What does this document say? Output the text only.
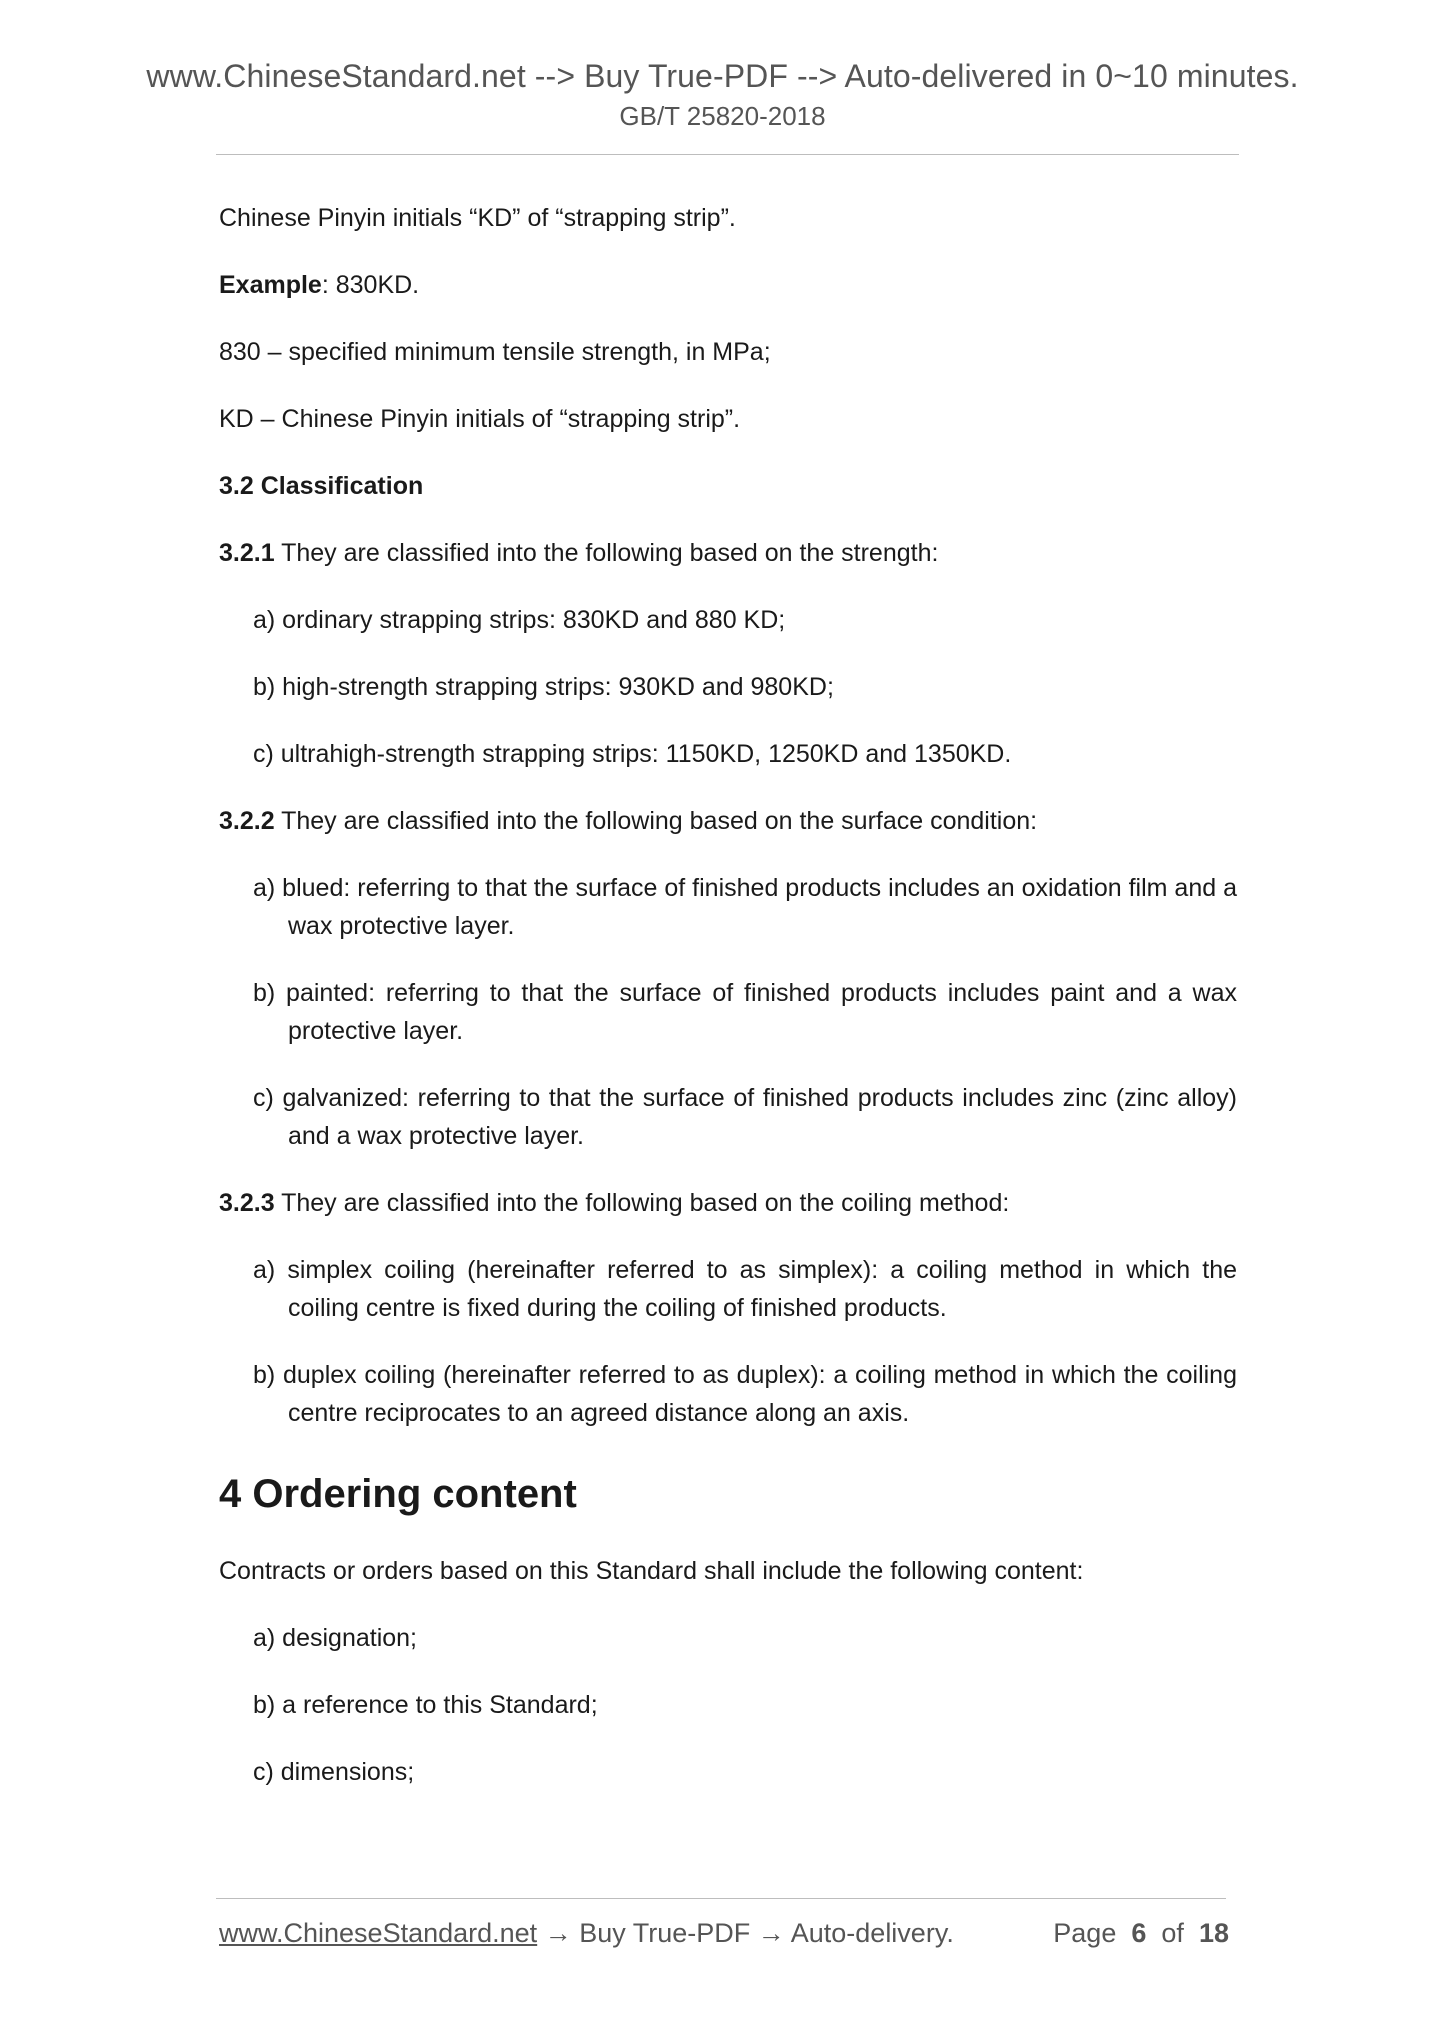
www.ChineseStandard.net --> Buy True-PDF --> Auto-delivered in 0~10 minutes.
GB/T 25820-2018
Chinese Pinyin initials “KD” of “strapping strip”.
Example: 830KD.
830 – specified minimum tensile strength, in MPa;
KD – Chinese Pinyin initials of “strapping strip”.
3.2 Classification
3.2.1 They are classified into the following based on the strength:
a) ordinary strapping strips: 830KD and 880 KD;
b) high-strength strapping strips: 930KD and 980KD;
c) ultrahigh-strength strapping strips: 1150KD, 1250KD and 1350KD.
3.2.2 They are classified into the following based on the surface condition:
a) blued: referring to that the surface of finished products includes an oxidation film and a wax protective layer.
b) painted: referring to that the surface of finished products includes paint and a wax protective layer.
c) galvanized: referring to that the surface of finished products includes zinc (zinc alloy) and a wax protective layer.
3.2.3 They are classified into the following based on the coiling method:
a) simplex coiling (hereinafter referred to as simplex): a coiling method in which the coiling centre is fixed during the coiling of finished products.
b) duplex coiling (hereinafter referred to as duplex): a coiling method in which the coiling centre reciprocates to an agreed distance along an axis.
4 Ordering content
Contracts or orders based on this Standard shall include the following content:
a) designation;
b) a reference to this Standard;
c) dimensions;
www.ChineseStandard.net → Buy True-PDF → Auto-delivery.	Page 6 of 18
